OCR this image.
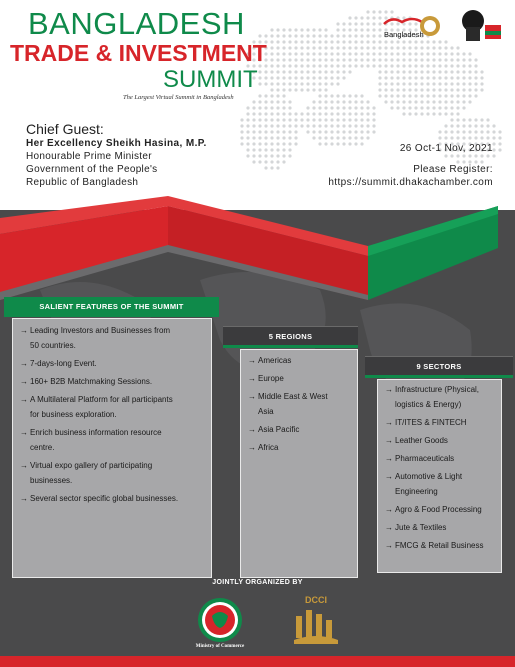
BANGLADESH
TRADE & INVESTMENT
SUMMIT
The Largest Virtual Summit in Bangladesh
Bangladesh
Chief Guest:
Her Excellency Sheikh Hasina, M.P.
Honourable Prime Minister
Government of the People's
Republic of Bangladesh
26 Oct-1 Nov, 2021
Please Register:
https://summit.dhakachamber.com
SALIENT FEATURES OF THE SUMMIT
→ Leading Investors and Businesses from
50 countries.
→ 7-days-long Event.
→ 160+ B2B Matchmaking Sessions.
→ A Multilateral Platform for all participants
for business exploration.
→ Enrich business information resource
centre.
→ Virtual expo gallery of participating
businesses.
→ Several sector specific global businesses.
5 REGIONS
→ Americas
→ Europe
→ Middle East & West
Asia
→ Asia Pacific
→ Africa
9 SECTORS
→ Infrastructure (Physical,
logistics & Energy)
→ IT/ITES & FINTECH
→ Leather Goods
→ Pharmaceuticals
→ Automotive & Light
Engineering
→ Agro & Food Processing
→ Jute & Textiles
→ FMCG & Retail Business
JOINTLY ORGANIZED BY
Ministry of Commerce
DCCI
